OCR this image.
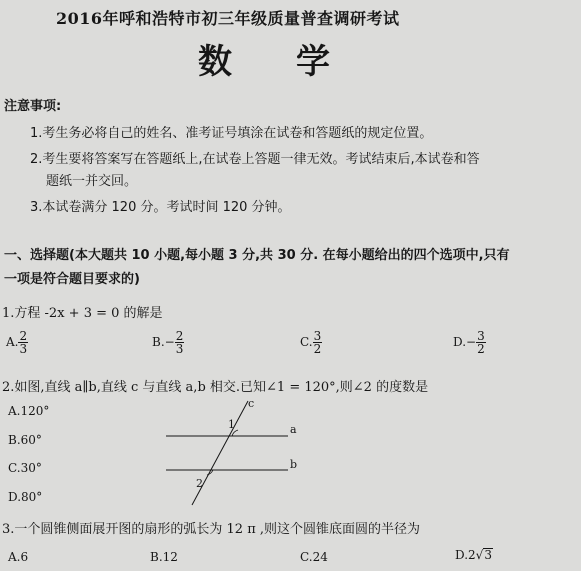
2016年呼和浩特市初三年级质量普查调研考试
数学
注意事项:
1.考生务必将自己的姓名、准考证号填涂在试卷和答题纸的规定位置。
2.考生要将答案写在答题纸上,在试卷上答题一律无效。考试结束后,本试卷和答
题纸一并交回。
3.本试卷满分 120 分。考试时间 120 分钟。
一、选择题(本大题共 10 小题,每小题 3 分,共 30 分. 在每小题给出的四个选项中,只有
一项是符合题目要求的)
1.方程 -2x + 3 = 0 的解是
A. $\frac{2}{3}$	$B.- \frac{2}{3}$	C. $\frac{3}{2}$	$D.- \frac{3}{2}$
2.如图,直线 a∥b,直线 c 与直线 a,b 相交.已知∠1 = 120°,则∠2 的度数是
A.120°
B.60°
C.30°
D.80°
a
b
c
1
2
3.一个圆锥侧面展开图的扇形的弧长为 12 π ,则这个圆锥底面圆的半径为
A.6	B.12	C.24	D.2√3
